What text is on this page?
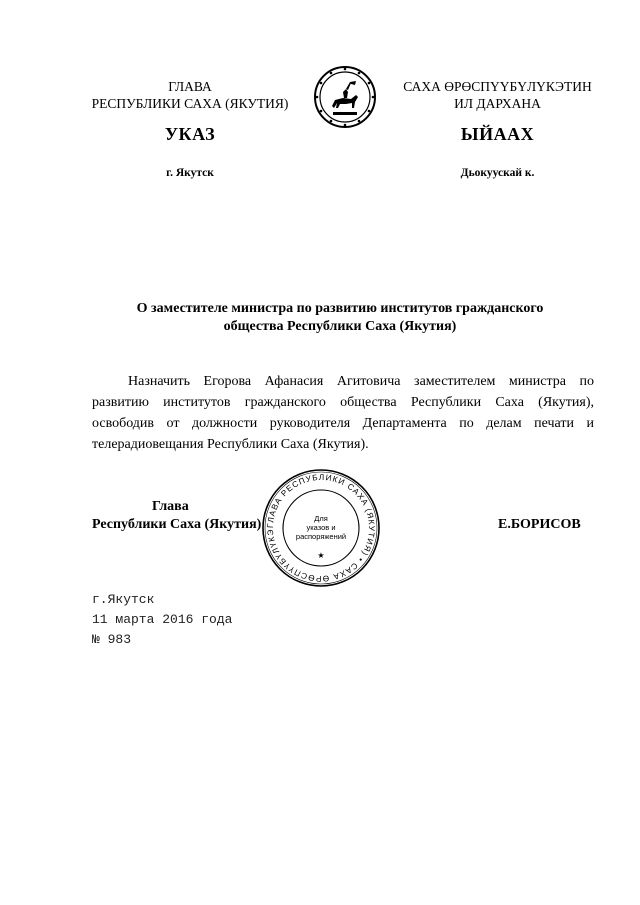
ГЛАВА
РЕСПУБЛИКИ САХА (ЯКУТИЯ)
САХА ӨРӨСПҮҮБҮЛҮКЭТИН
ИЛ ДАРХАНА
УКАЗ	ЫЙААХ
г. Якутск	Дьокуускай к.
О заместителе министра по развитию институтов гражданского
общества Республики Саха (Якутия)
Назначить Егорова Афанасия Агитовича заместителем министра по
развитию институтов гражданского общества Республики Саха (Якутия),
освободив от должности руководителя Департамента по делам печати и
телерадиовещания Республики Саха (Якутия).
Глава
Республики Саха (Якутия)	Е.БОРИСОВ
ГЛАВА РЕСПУБЛИКИ САХА (ЯКУТИЯ) • САХА ӨРӨСПҮҮБҮЛҮКЭ
Для
указов и
распоряжений
★
г.Якутск
11 марта 2016 года
№ 983
